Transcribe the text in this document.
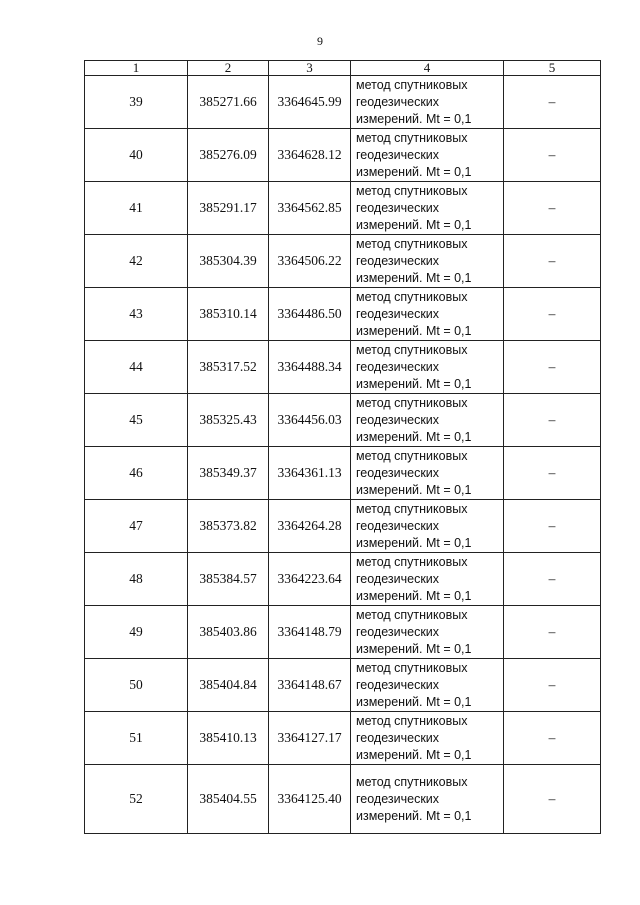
9
1	2	3	4	5
39	385271.66	3364645.99	метод спутниковых
геодезических
измерений. Mt = 0,1	–
40	385276.09	3364628.12	метод спутниковых
геодезических
измерений. Mt = 0,1	–
41	385291.17	3364562.85	метод спутниковых
геодезических
измерений. Mt = 0,1	–
42	385304.39	3364506.22	метод спутниковых
геодезических
измерений. Mt = 0,1	–
43	385310.14	3364486.50	метод спутниковых
геодезических
измерений. Mt = 0,1	–
44	385317.52	3364488.34	метод спутниковых
геодезических
измерений. Mt = 0,1	–
45	385325.43	3364456.03	метод спутниковых
геодезических
измерений. Mt = 0,1	–
46	385349.37	3364361.13	метод спутниковых
геодезических
измерений. Mt = 0,1	–
47	385373.82	3364264.28	метод спутниковых
геодезических
измерений. Mt = 0,1	–
48	385384.57	3364223.64	метод спутниковых
геодезических
измерений. Mt = 0,1	–
49	385403.86	3364148.79	метод спутниковых
геодезических
измерений. Mt = 0,1	–
50	385404.84	3364148.67	метод спутниковых
геодезических
измерений. Mt = 0,1	–
51	385410.13	3364127.17	метод спутниковых
геодезических
измерений. Mt = 0,1	–
52	385404.55	3364125.40	метод спутниковых
геодезических
измерений. Mt = 0,1	–
